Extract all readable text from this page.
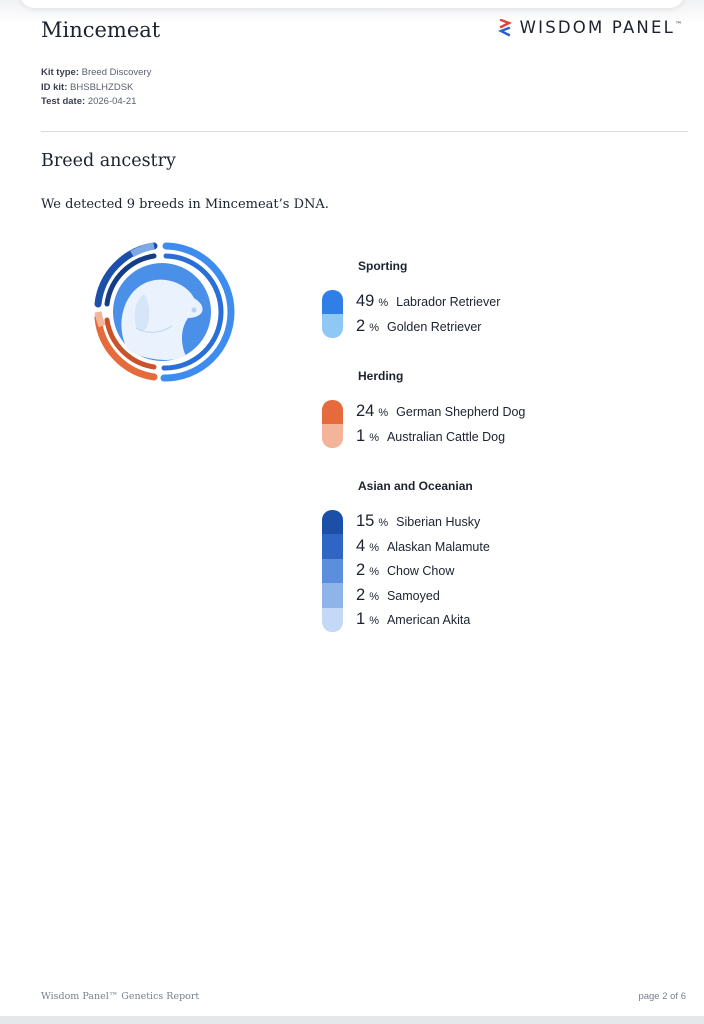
Mincemeat	WISDOM PANEL™
Kit type: Breed Discovery
ID kit: BHSBLHZDSK
Test date: 2026-04-21
Breed ancestry
We detected 9 breeds in Mincemeat’s DNA.
Sporting
49 % Labrador Retriever
2 % Golden Retriever
Herding
24 % German Shepherd Dog
1 % Australian Cattle Dog
Asian and Oceanian
15 % Siberian Husky
4 % Alaskan Malamute
2 % Chow Chow
2 % Samoyed
1 % American Akita
Wisdom Panel™ Genetics Report	page 2 of 6
